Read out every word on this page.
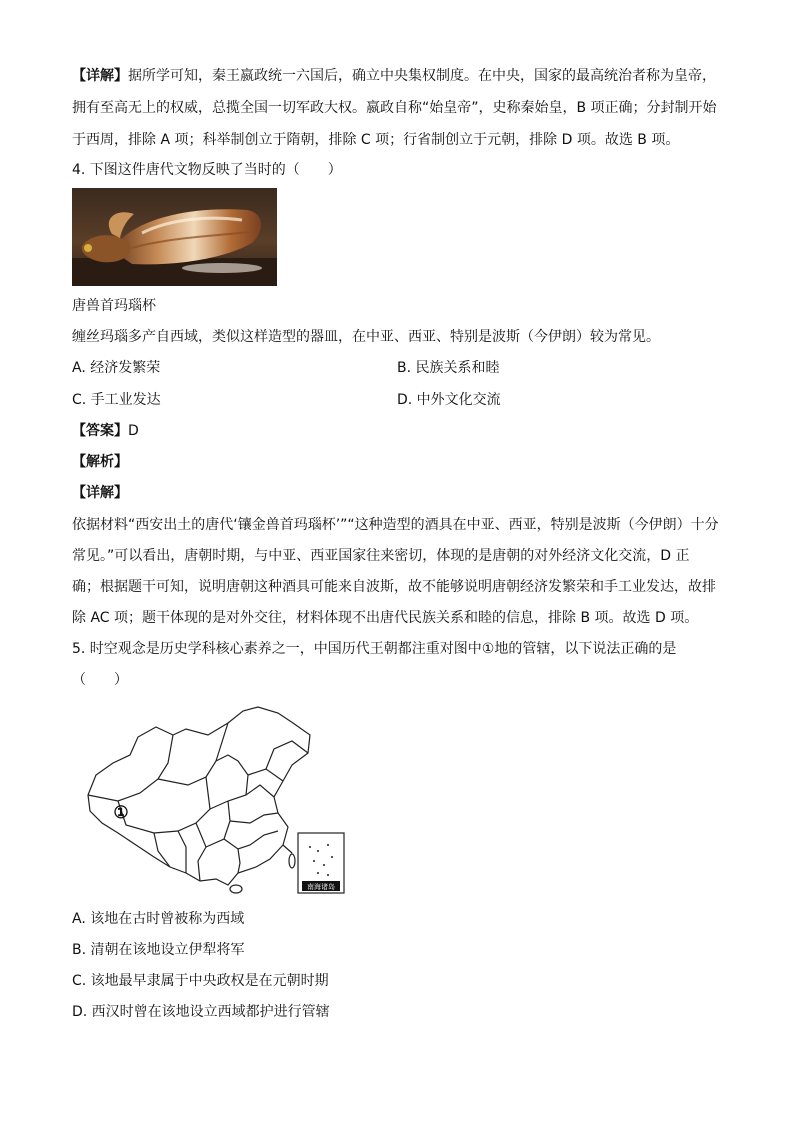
【详解】据所学可知，秦王嬴政统一六国后，确立中央集权制度。在中央，国家的最高统治者称为皇帝，
拥有至高无上的权威，总揽全国一切军政大权。嬴政自称“始皇帝”，史称秦始皇，B 项正确；分封制开始
于西周，排除 A 项；科举制创立于隋朝，排除 C 项；行省制创立于元朝，排除 D 项。故选 B 项。
4. 下图这件唐代文物反映了当时的（　　）
唐兽首玛瑙杯
缠丝玛瑙多产自西域，类似这样造型的器皿，在中亚、西亚、特别是波斯（今伊朗）较为常见。
A. 经济发繁荣	B. 民族关系和睦
C. 手工业发达	D. 中外文化交流
【答案】D
【解析】
【详解】
依据材料“西安出土的唐代‘镶金兽首玛瑙杯’”“这种造型的酒具在中亚、西亚，特别是波斯（今伊朗）十分
常见。”可以看出，唐朝时期，与中亚、西亚国家往来密切，体现的是唐朝的对外经济文化交流，D 正
确；根据题干可知，说明唐朝这种酒具可能来自波斯，故不能够说明唐朝经济发繁荣和手工业发达，故排
除 AC 项；题干体现的是对外交往，材料体现不出唐代民族关系和睦的信息，排除 B 项。故选 D 项。
5. 时空观念是历史学科核心素养之一，中国历代王朝都注重对图中①地的管辖，以下说法正确的是
（　　）
①
南海诸岛
A. 该地在古时曾被称为西域
B. 清朝在该地设立伊犁将军
C. 该地最早隶属于中央政权是在元朝时期
D. 西汉时曾在该地设立西域都护进行管辖
